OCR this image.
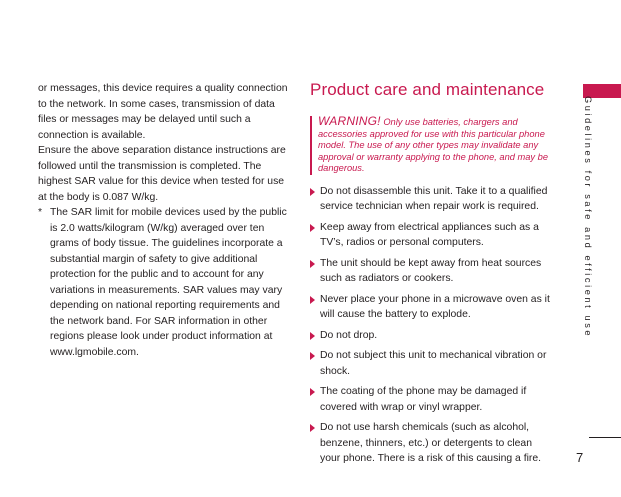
or messages, this device requires a quality connection to the network. In some cases, transmission of data files or messages may be delayed until such a connection is available.

Ensure the above separation distance instructions are followed until the transmission is completed. The highest SAR value for this device when tested for use at the body is 0.087 W/kg.

* The SAR limit for mobile devices used by the public is 2.0 watts/kilogram (W/kg) averaged over ten grams of body tissue. The guidelines incorporate a substantial margin of safety to give additional protection for the public and to account for any variations in measurements. SAR values may vary depending on national reporting requirements and the network band. For SAR information in other regions please look under product information at www.lgmobile.com.

Product care and maintenance
WARNING! Only use batteries, chargers and accessories approved for use with this particular phone model. The use of any other types may invalidate any approval or warranty applying to the phone, and may be dangerous.
Do not disassemble this unit. Take it to a qualified service technician when repair work is required.
Keep away from electrical appliances such as a TV’s, radios or personal computers.
The unit should be kept away from heat sources such as radiators or cookers.
Never place your phone in a microwave oven as it will cause the battery to explode.
Do not drop.
Do not subject this unit to mechanical vibration or shock.
The coating of the phone may be damaged if covered with wrap or vinyl wrapper.
Do not use harsh chemicals (such as alcohol, benzene, thinners, etc.) or detergents to clean your phone. There is a risk of this causing a fire.
Guidelines for safe and efficient use
7
